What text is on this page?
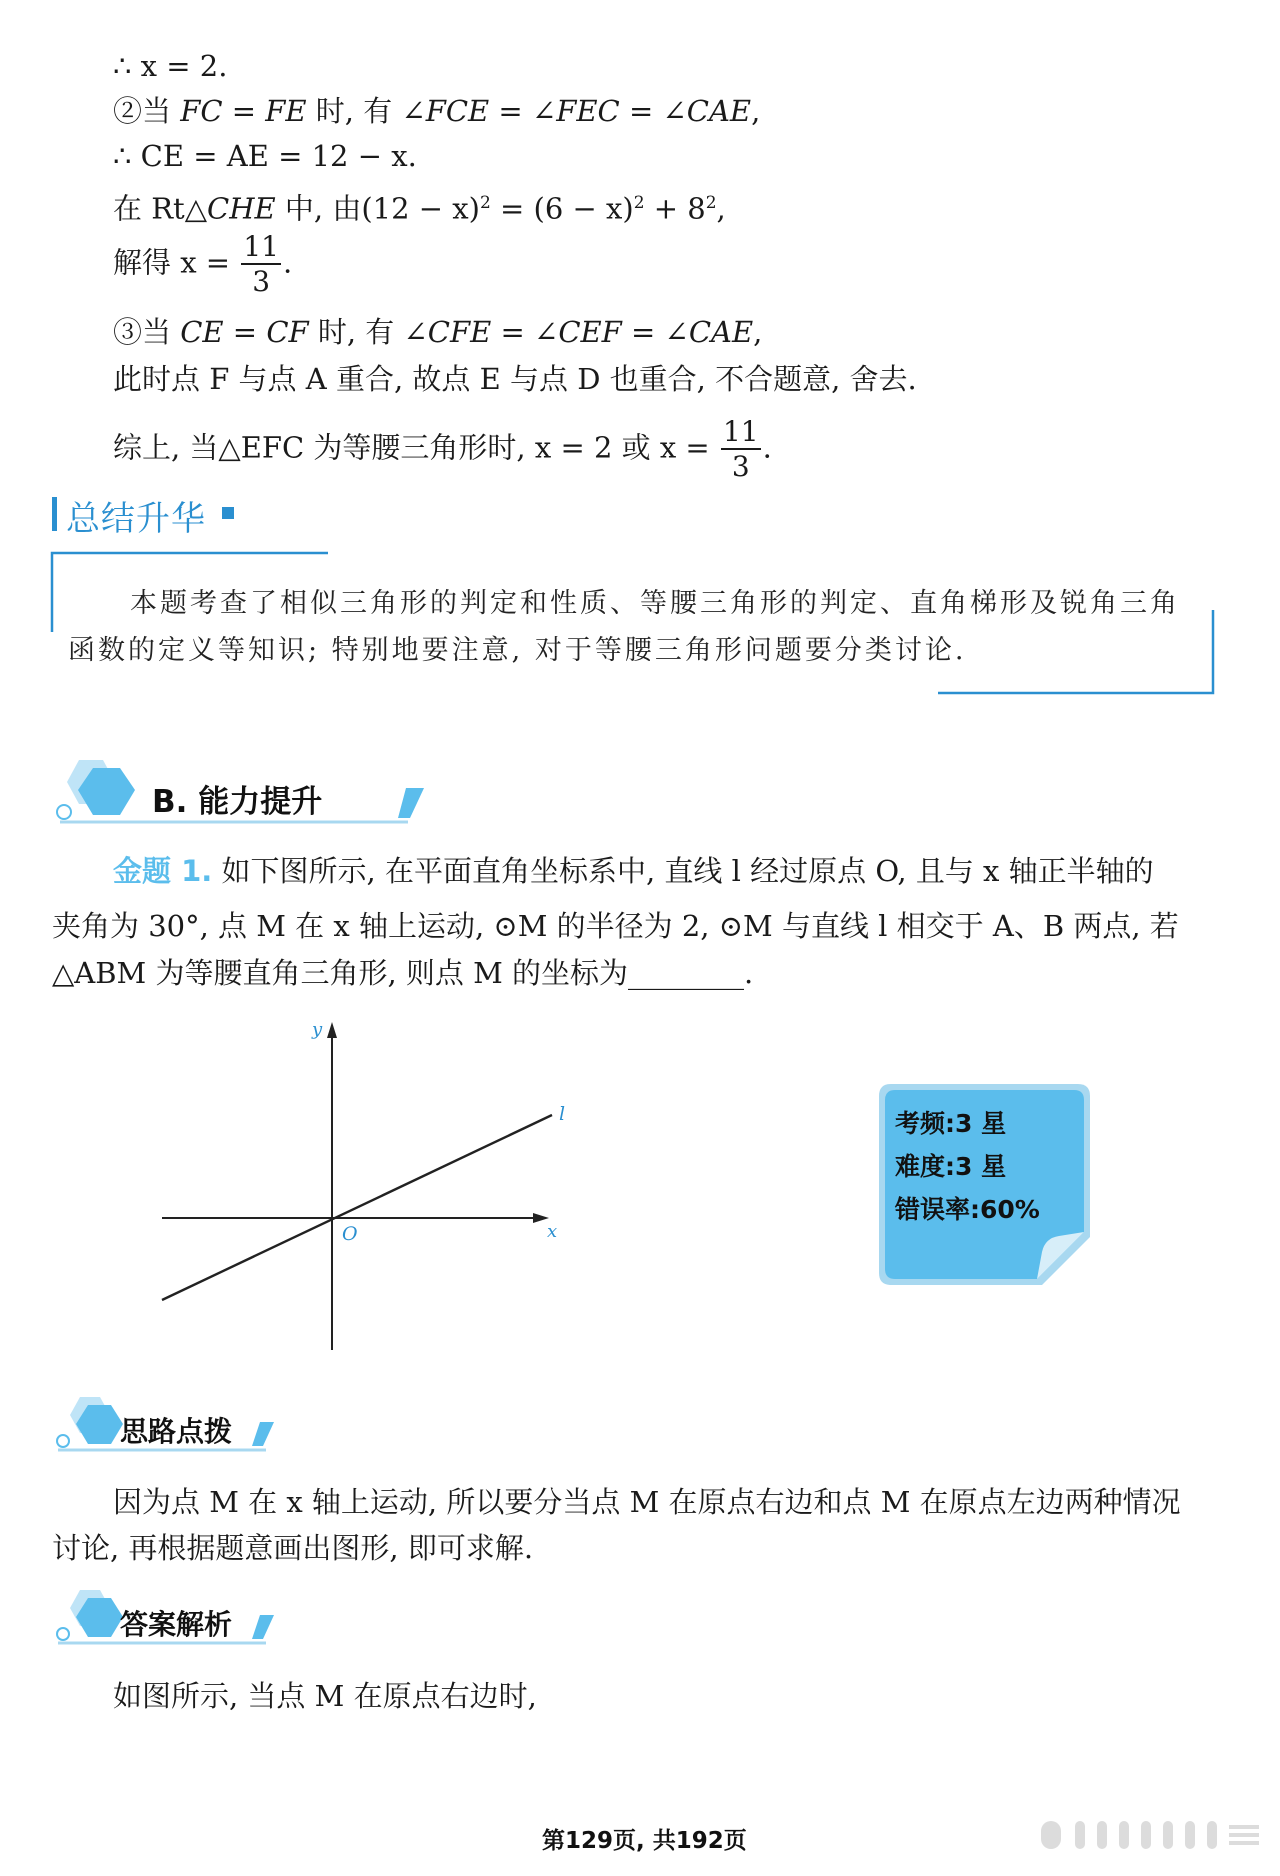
∴ x = 2.
②当 FC = FE 时, 有 ∠FCE = ∠FEC = ∠CAE,
∴ CE = AE = 12 − x.
在 Rt△CHE 中, 由$(12 - x)^2 = (6 - x)^2 + 8^2$,
解得 $x = \frac{11}{3}$ .
③当 CE = CF 时, 有 ∠CFE = ∠CEF = ∠CAE,
此时点 F 与点 A 重合, 故点 E 与点 D 也重合, 不合题意, 舍去.
综上, 当△EFC 为等腰三角形时, x = 2 或 $x = \frac{11}{3}$ .
总结升华
本题考查了相似三角形的判定和性质、等腰三角形的判定、直角梯形及锐角三角
函数的定义等知识; 特别地要注意, 对于等腰三角形问题要分类讨论.
B. 能力提升
金题 1. 如下图所示, 在平面直角坐标系中, 直线 l 经过原点 O, 且与 x 轴正半轴的
夹角为 30°, 点 M 在 x 轴上运动, ⊙M 的半径为 2, ⊙M 与直线 l 相交于 A、B 两点, 若
△ABM 为等腰直角三角形, 则点 M 的坐标为________.
y
x
O
l	考频:3 星
难度:3 星
错误率:60%
思路点拨
因为点 M 在 x 轴上运动, 所以要分当点 M 在原点右边和点 M 在原点左边两种情况
讨论, 再根据题意画出图形, 即可求解.
答案解析
如图所示, 当点 M 在原点右边时,
第129页, 共192页
